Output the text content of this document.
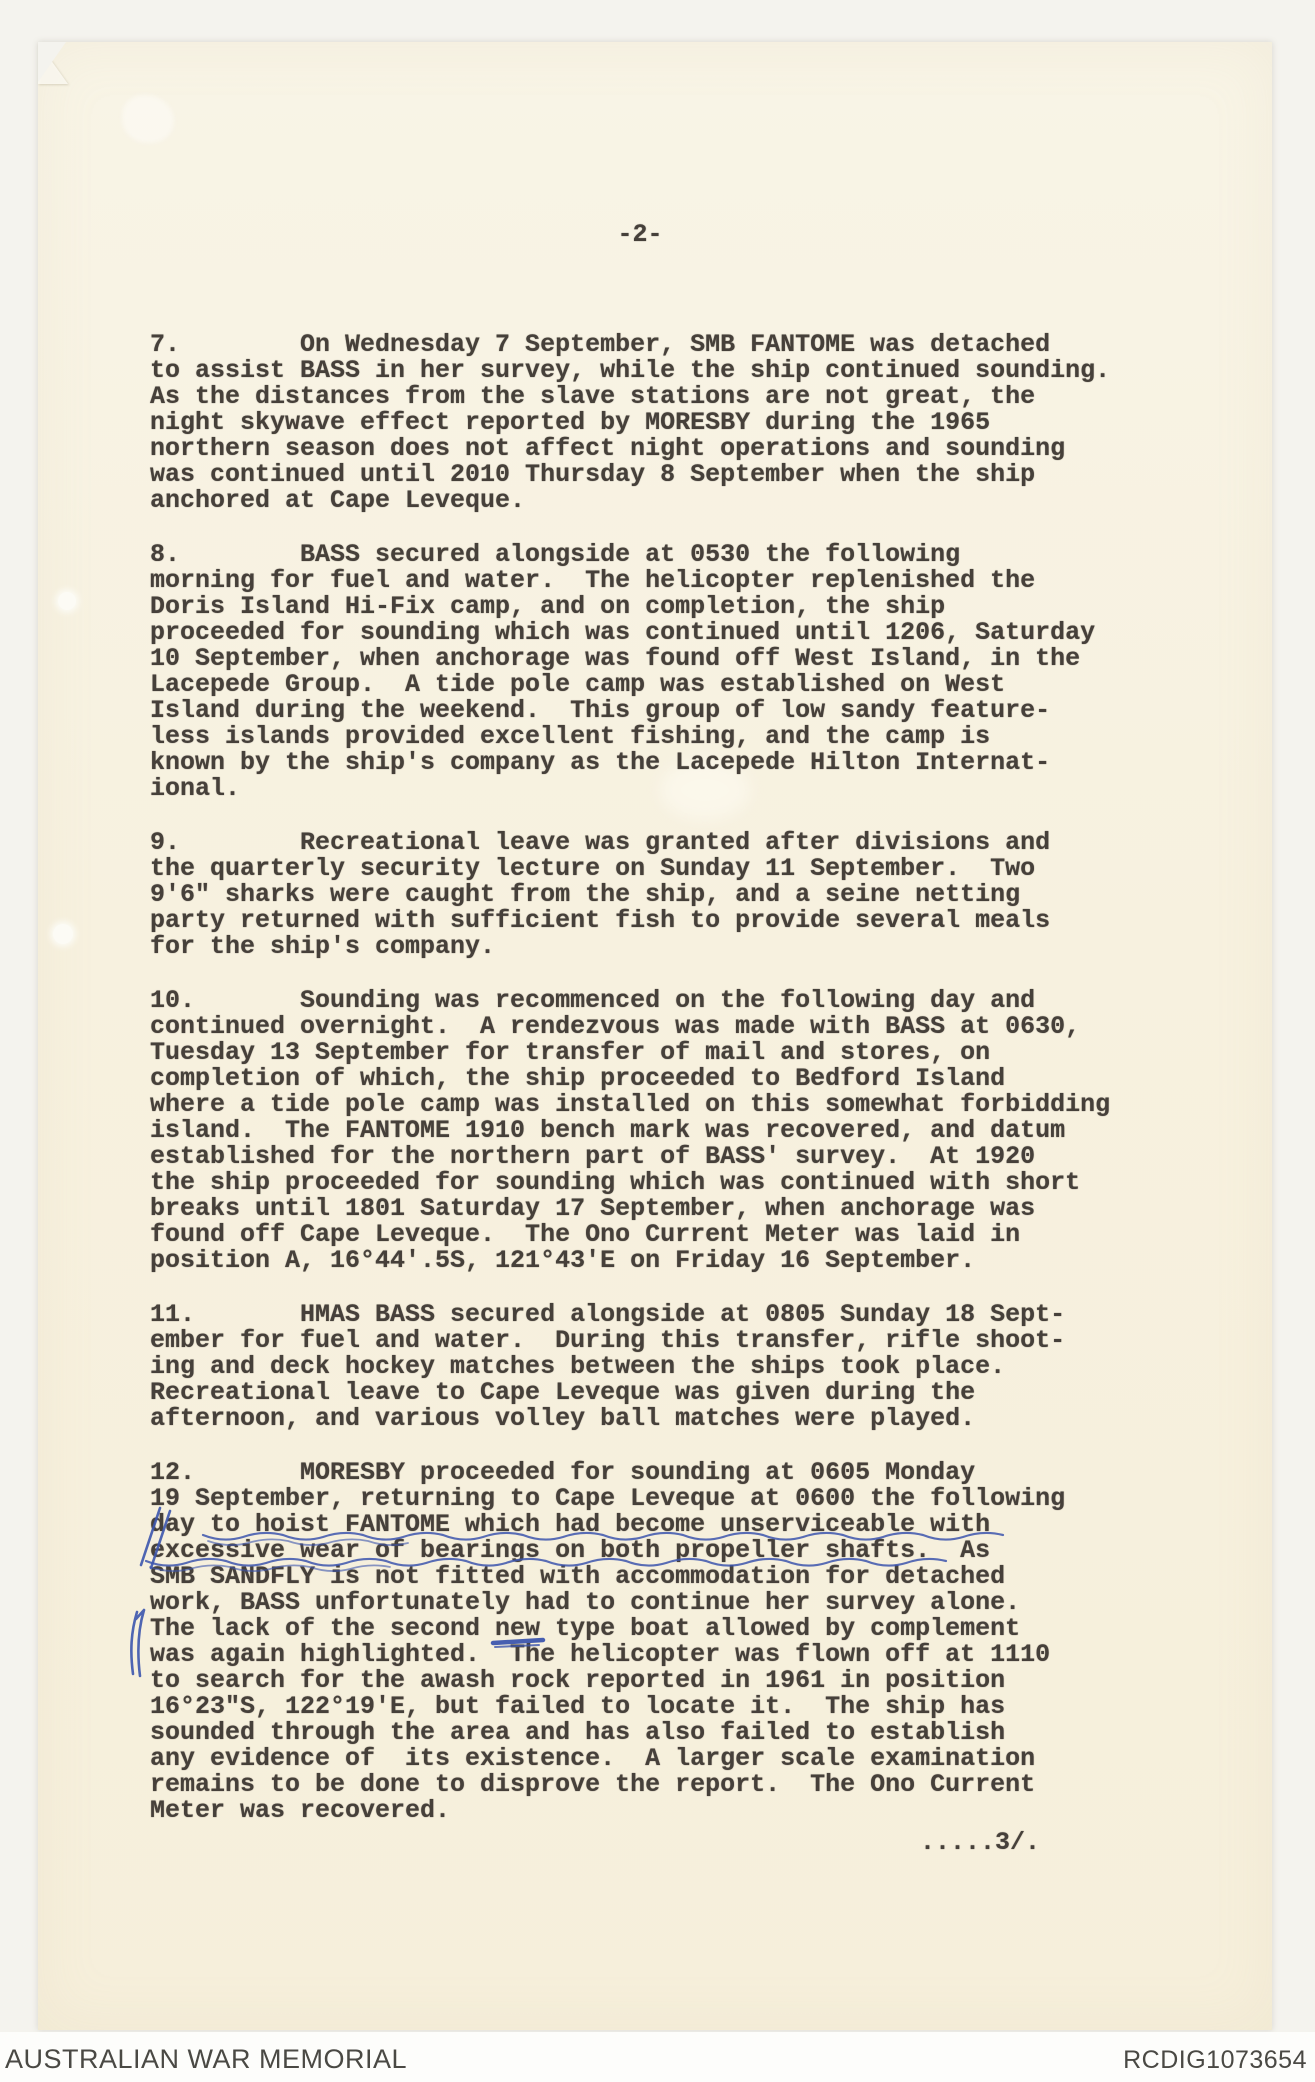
-2-
7.        On Wednesday 7 September, SMB FANTOME was detached
to assist BASS in her survey, while the ship continued sounding.
As the distances from the slave stations are not great, the
night skywave effect reported by MORESBY during the 1965
northern season does not affect night operations and sounding
was continued until 2010 Thursday 8 September when the ship
anchored at Cape Leveque.
8.        BASS secured alongside at 0530 the following
morning for fuel and water.  The helicopter replenished the
Doris Island Hi-Fix camp, and on completion, the ship
proceeded for sounding which was continued until 1206, Saturday
10 September, when anchorage was found off West Island, in the
Lacepede Group.  A tide pole camp was established on West
Island during the weekend.  This group of low sandy feature-
less islands provided excellent fishing, and the camp is
known by the ship's company as the Lacepede Hilton Internat-
ional.
9.        Recreational leave was granted after divisions and
the quarterly security lecture on Sunday 11 September.  Two
9'6" sharks were caught from the ship, and a seine netting
party returned with sufficient fish to provide several meals
for the ship's company.
10.       Sounding was recommenced on the following day and
continued overnight.  A rendezvous was made with BASS at 0630,
Tuesday 13 September for transfer of mail and stores, on
completion of which, the ship proceeded to Bedford Island
where a tide pole camp was installed on this somewhat forbidding
island.  The FANTOME 1910 bench mark was recovered, and datum
established for the northern part of BASS' survey.  At 1920
the ship proceeded for sounding which was continued with short
breaks until 1801 Saturday 17 September, when anchorage was
found off Cape Leveque.  The Ono Current Meter was laid in
position A, 16°44'.5S, 121°43'E on Friday 16 September.
11.       HMAS BASS secured alongside at 0805 Sunday 18 Sept-
ember for fuel and water.  During this transfer, rifle shoot-
ing and deck hockey matches between the ships took place.
Recreational leave to Cape Leveque was given during the
afternoon, and various volley ball matches were played.
12.       MORESBY proceeded for sounding at 0605 Monday
19 September, returning to Cape Leveque at 0600 the following
day to hoist FANTOME which had become unserviceable with
excessive wear of bearings on both propeller shafts.  As
SMB SANDFLY is not fitted with accommodation for detached
work, BASS unfortunately had to continue her survey alone.
The lack of the second new type boat allowed by complement
was again highlighted.  The helicopter was flown off at 1110
to search for the awash rock reported in 1961 in position
16°23"S, 122°19'E, but failed to locate it.  The ship has
sounded through the area and has also failed to establish
any evidence of  its existence.  A larger scale examination
remains to be done to disprove the report.  The Ono Current
Meter was recovered.
.....3/.
AUSTRALIAN WAR MEMORIAL	RCDIG1073654
